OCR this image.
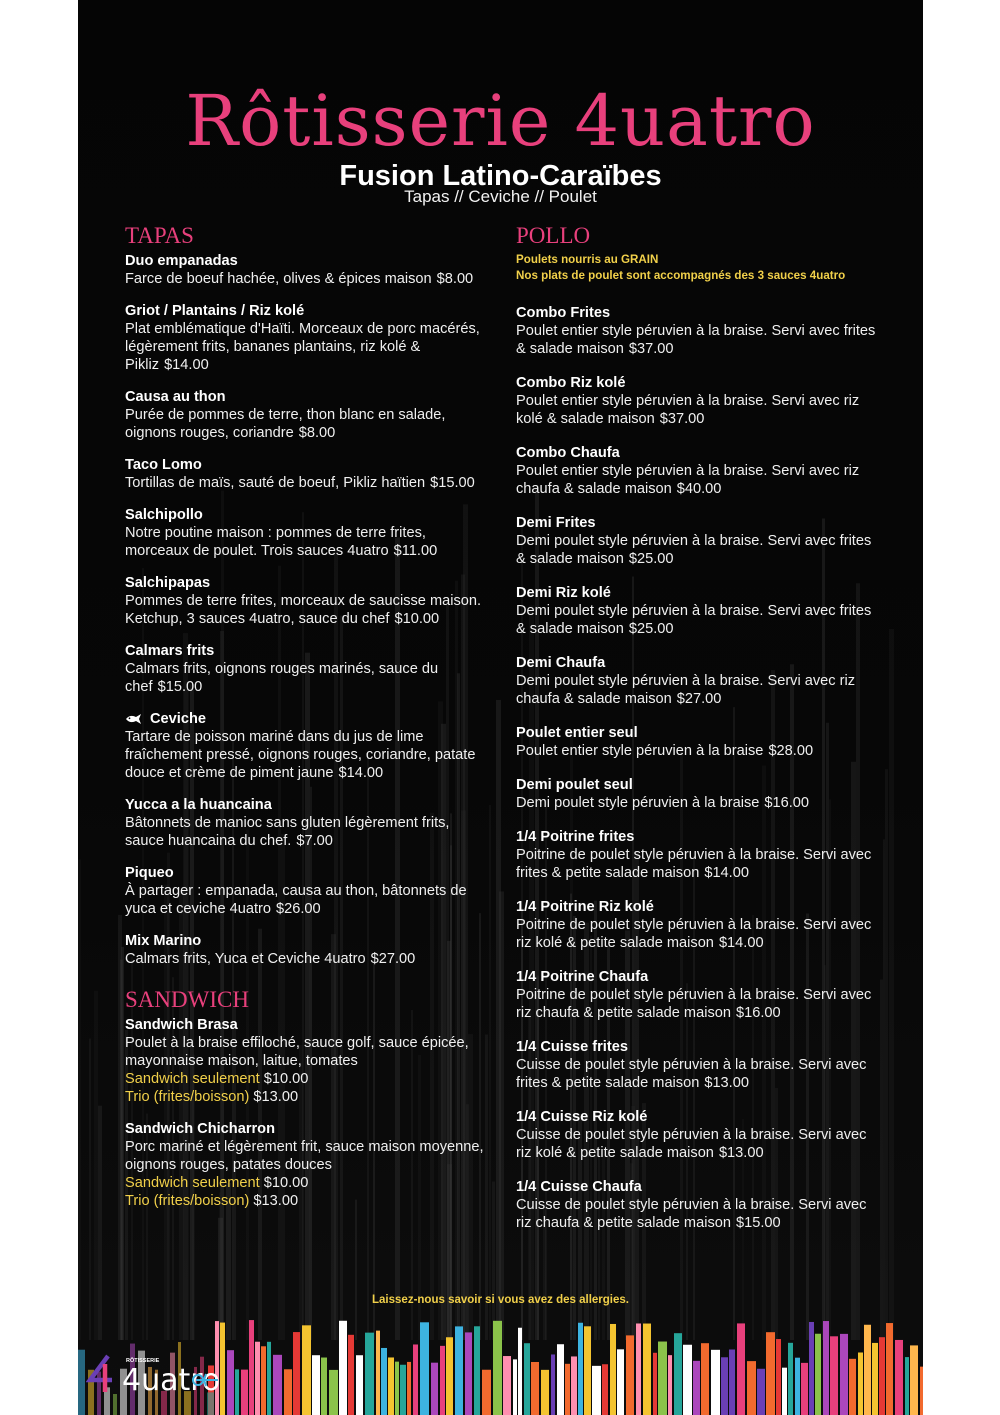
Rôtisserie 4uatro
Fusion Latino-Caraïbes
Tapas // Ceviche // Poulet
TAPAS
Duo empanadas
Farce de boeuf hachée, olives & épices maison $8.00
Griot / Plantains / Riz kolé
Plat emblématique d'Haïti. Morceaux de porc macérés, légèrement frits, bananes plantains, riz kolé & Pikliz $14.00
Causa au thon
Purée de pommes de terre, thon blanc en salade, oignons rouges, coriandre $8.00
Taco Lomo
Tortillas de maïs, sauté de boeuf, Pikliz haïtien $15.00
Salchipollo
Notre poutine maison : pommes de terre frites, morceaux de poulet. Trois sauces 4uatro $11.00
Salchipapas
Pommes de terre frites, morceaux de saucisse maison. Ketchup, 3 sauces 4uatro, sauce du chef $10.00
Calmars frits
Calmars frits, oignons rouges marinés, sauce du chef $15.00
Ceviche
Tartare de poisson mariné dans du jus de lime fraîchement pressé, oignons rouges, coriandre, patate douce et crème de piment jaune $14.00
Yucca a la huancaina
Bâtonnets de manioc sans gluten légèrement frits, sauce huancaina du chef. $7.00
Piqueo
À partager : empanada, causa au thon, bâtonnets de yuca et ceviche 4uatro $26.00
Mix Marino
Calmars frits, Yuca et Ceviche 4uatro $27.00
SANDWICH
Sandwich Brasa
Poulet à la braise effiloché, sauce golf, sauce épicée, mayonnaise maison, laitue, tomates
Sandwich seulement $10.00
Trio (frites/boisson) $13.00
Sandwich Chicharron
Porc mariné et légèrement frit, sauce maison moyenne, oignons rouges, patates douces
Sandwich seulement $10.00
Trio (frites/boisson) $13.00
POLLO
Poulets nourris au GRAIN
Nos plats de poulet sont accompagnés des 3 sauces 4uatro
Combo Frites
Poulet entier style péruvien à la braise. Servi avec frites & salade maison $37.00
Combo Riz kolé
Poulet entier style péruvien à la braise. Servi avec riz kolé & salade maison $37.00
Combo Chaufa
Poulet entier style péruvien à la braise. Servi avec riz chaufa & salade maison $40.00
Demi Frites
Demi poulet style péruvien à la braise. Servi avec frites & salade maison $25.00
Demi Riz kolé
Demi poulet style péruvien à la braise. Servi avec frites & salade maison $25.00
Demi Chaufa
Demi poulet style péruvien à la braise. Servi avec riz chaufa & salade maison $27.00
Poulet entier seul
Poulet entier style péruvien à la braise $28.00
Demi poulet seul
Demi poulet style péruvien à la braise $16.00
1/4 Poitrine frites
Poitrine de poulet style péruvien à la braise. Servi avec frites & petite salade maison $14.00
1/4 Poitrine Riz kolé
Poitrine de poulet style péruvien à la braise. Servi avec riz kolé & petite salade maison $14.00
1/4 Poitrine Chaufa
Poitrine de poulet style péruvien à la braise. Servi avec riz chaufa & petite salade maison $16.00
1/4 Cuisse frites
Cuisse de poulet style péruvien à la braise. Servi avec frites & petite salade maison $13.00
1/4 Cuisse Riz kolé
Cuisse de poulet style péruvien à la braise. Servi avec riz kolé & petite salade maison $13.00
1/4 Cuisse Chaufa
Cuisse de poulet style péruvien à la braise. Servi avec riz chaufa & petite salade maison $15.00
Laissez-nous savoir si vous avez des allergies.
RÔTISSERIE
4uatro
